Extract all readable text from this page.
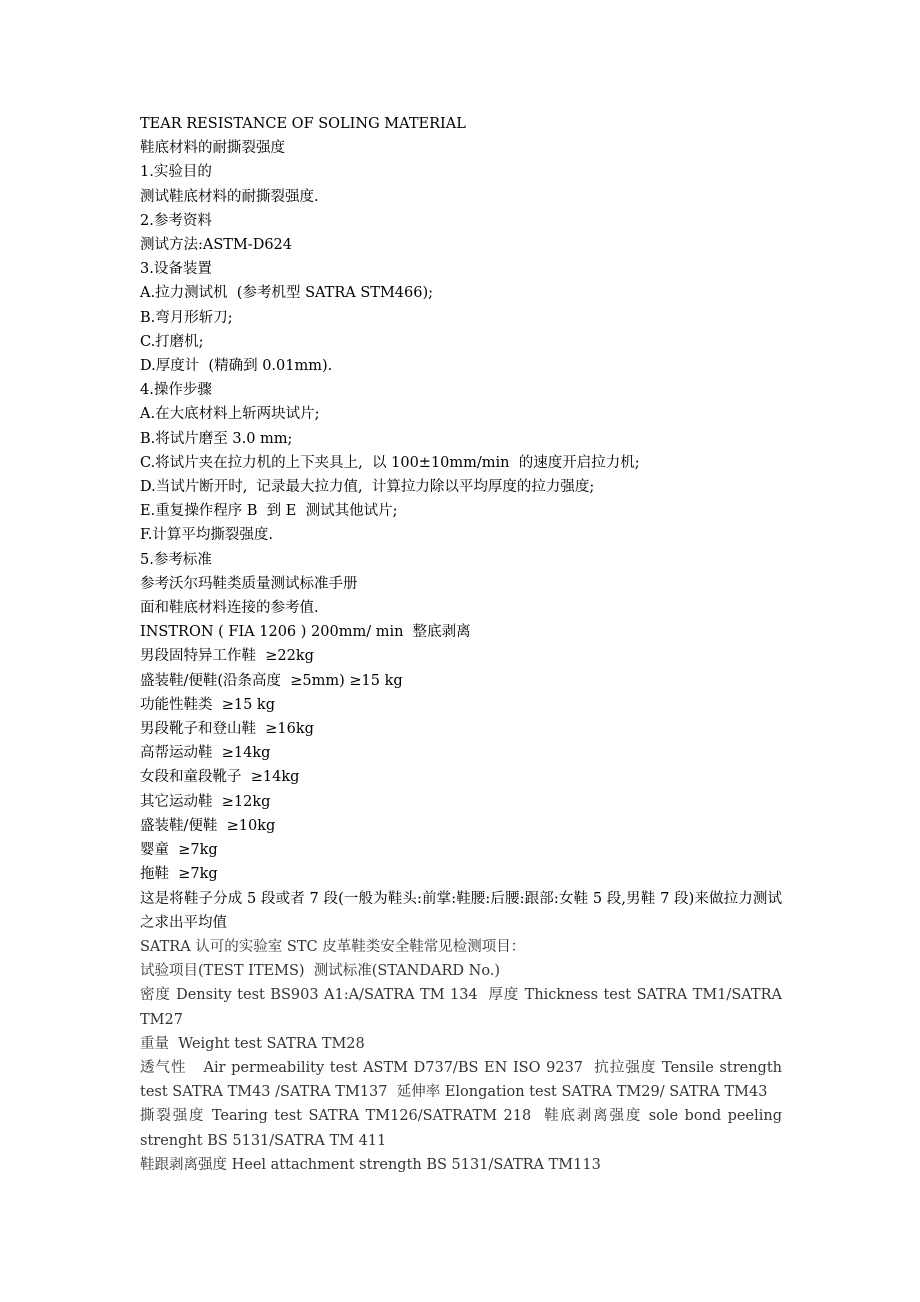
TEAR RESISTANCE OF SOLING MATERIAL

鞋底材料的耐撕裂强度

1.实验目的

测试鞋底材料的耐撕裂强度.

2.参考资料

测试方法:ASTM-D624

3.设备装置

A.拉力测试机  (参考机型 SATRA STM466);

B.弯月形斩刀;

C.打磨机;

D.厚度计  (精确到 0.01mm).

4.操作步骤

A.在大底材料上斩两块试片;

B.将试片磨至 3.0 mm;

C.将试片夹在拉力机的上下夹具上,  以 100±10mm/min  的速度开启拉力机;

D.当试片断开时,  记录最大拉力值,  计算拉力除以平均厚度的拉力强度;

E.重复操作程序 B  到 E  测试其他试片;

F.计算平均撕裂强度.

5.参考标准

参考沃尔玛鞋类质量测试标准手册

面和鞋底材料连接的参考值.

INSTRON ( FIA 1206 ) 200mm/ min  整底剥离

男段固特异工作鞋  ≥22kg

盛装鞋/便鞋(沿条高度  ≥5mm) ≥15 kg

功能性鞋类  ≥15 kg

男段靴子和登山鞋  ≥16kg

高帮运动鞋  ≥14kg

女段和童段靴子  ≥14kg

其它运动鞋  ≥12kg

盛装鞋/便鞋  ≥10kg

婴童  ≥7kg

拖鞋  ≥7kg

这是将鞋子分成 5 段或者 7 段(一般为鞋头:前掌:鞋腰:后腰:跟部:女鞋 5 段,男鞋 7 段)来做拉力测试之求出平均值

SATRA 认可的实验室 STC 皮革鞋类安全鞋常见检测项目：

试验项目(TEST ITEMS)  测试标准(STANDARD No.)

密度 Density test BS903 A1:A/SATRA TM 134  厚度 Thickness test SATRA TM1/SATRA TM27

重量  Weight test SATRA TM28

透气性   Air permeability test ASTM D737/BS EN ISO 9237  抗拉强度 Tensile strength test SATRA TM43 /SATRA TM137  延伸率 Elongation test SATRA TM29/ SATRA TM43

撕裂强度 Tearing test SATRA TM126/SATRATM 218  鞋底剥离强度 sole bond peeling strenght BS 5131/SATRA TM 411

鞋跟剥离强度 Heel attachment strength BS 5131/SATRA TM113
